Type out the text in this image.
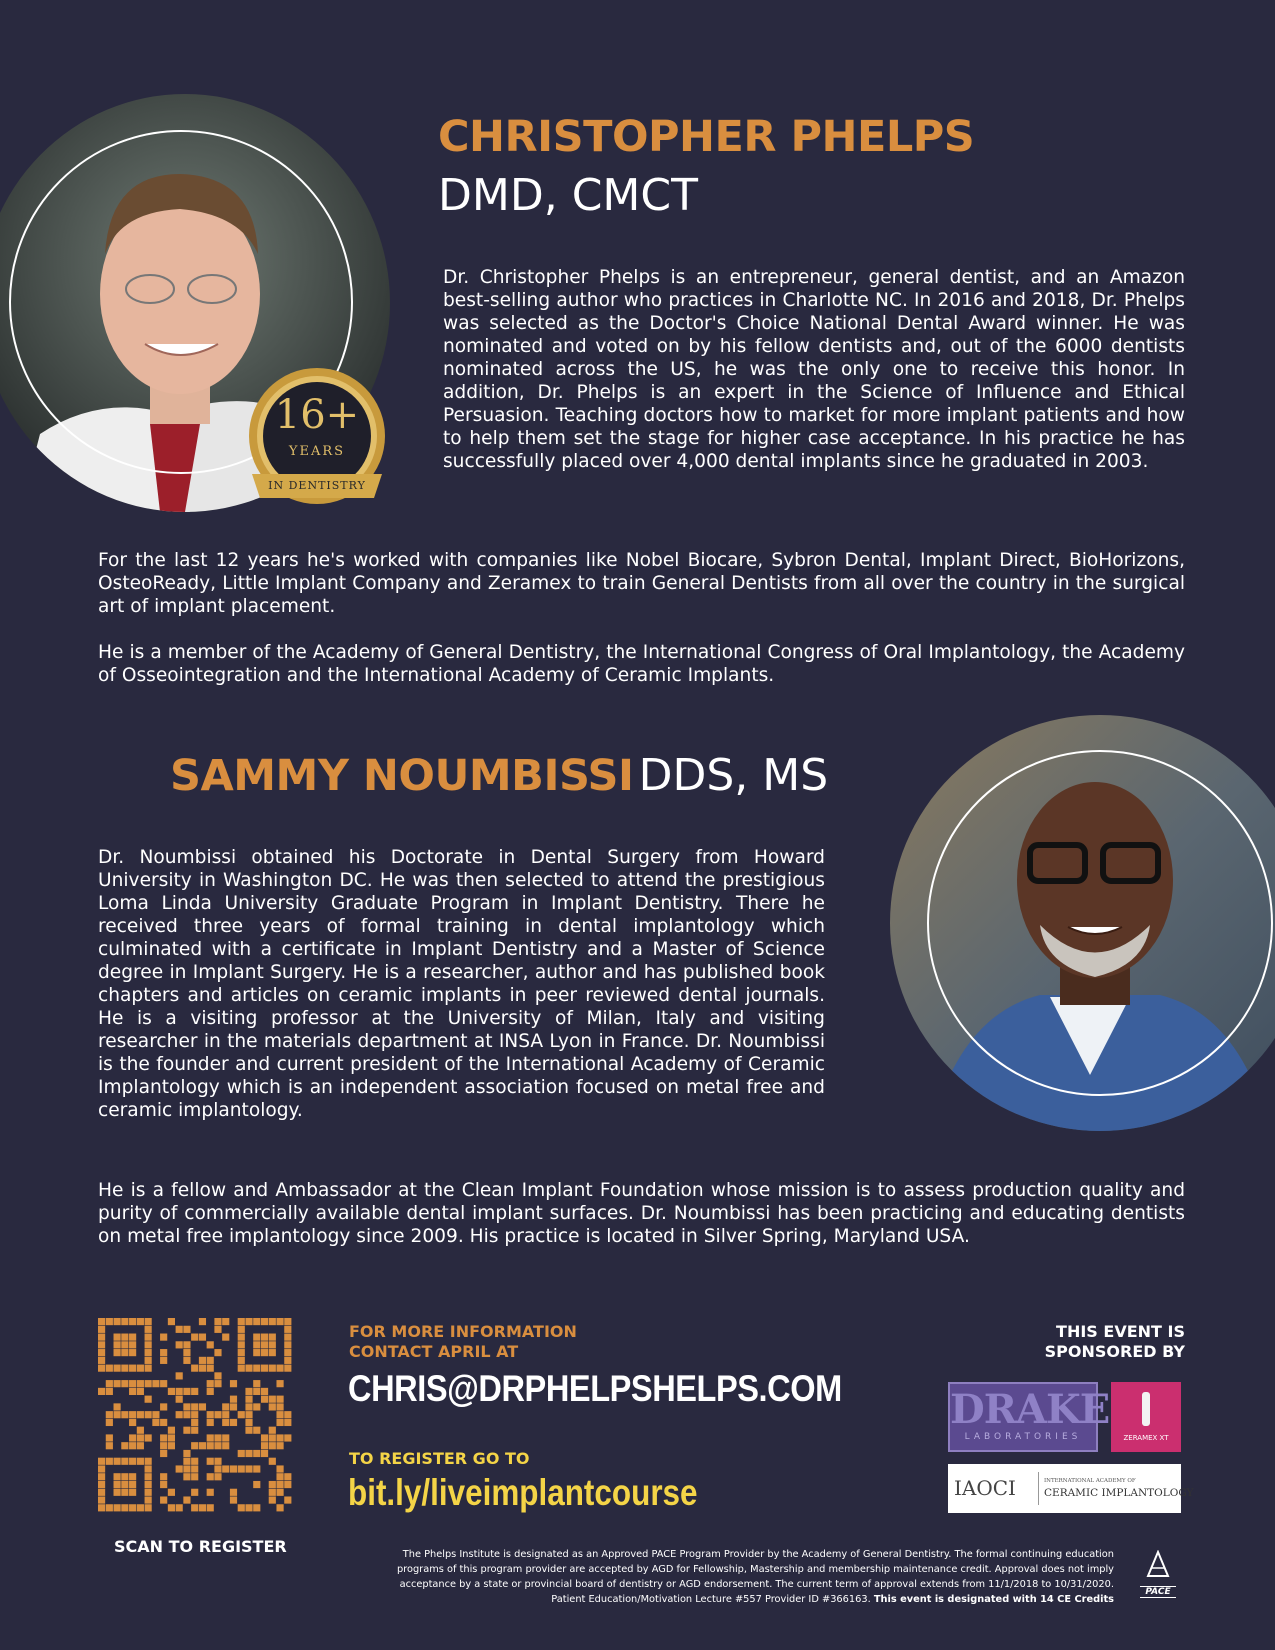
16+
YEARS
IN DENTISTRY
CHRISTOPHER PHELPS
DMD, CMCT
Dr. Christopher Phelps is an entrepreneur, general dentist, and an Amazon best-selling author who practices in Charlotte NC. In 2016 and 2018, Dr. Phelps was selected as the Doctor's Choice National Dental Award winner. He was nominated and voted on by his fellow dentists and, out of the 6000 dentists nominated across the US, he was the only one to receive this honor. In addition, Dr. Phelps is an expert in the Science of Influence and Ethical Persuasion. Teaching doctors how to market for more implant patients and how to help them set the stage for higher case acceptance. In his practice he has successfully placed over 4,000 dental implants since he graduated in 2003.
For the last 12 years he's worked with companies like Nobel Biocare, Sybron Dental, Implant Direct, BioHorizons, OsteoReady, Little Implant Company and Zeramex to train General Dentists from all over the country in the surgical art of implant placement.
He is a member of the Academy of General Dentistry, the International Congress of Oral Implantology, the Academy of Osseointegration and the International Academy of Ceramic Implants.
SAMMY NOUMBISSI DDS, MS
Dr. Noumbissi obtained his Doctorate in Dental Surgery from Howard University in Washington DC. He was then selected to attend the prestigious Loma Linda University Graduate Program in Implant Dentistry. There he received three years of formal training in dental implantology which culminated with a certificate in Implant Dentistry and a Master of Science degree in Implant Surgery. He is a researcher, author and has published book chapters and articles on ceramic implants in peer reviewed dental journals. He is a visiting professor at the University of Milan, Italy and visiting researcher in the materials department at INSA Lyon in France. Dr. Noumbissi is the founder and current president of the International Academy of Ceramic Implantology which is an independent association focused on metal free and ceramic implantology.
He is a fellow and Ambassador at the Clean Implant Foundation whose mission is to assess production quality and purity of commercially available dental implant surfaces. Dr. Noumbissi has been practicing and educating dentists on metal free implantology since 2009. His practice is located in Silver Spring, Maryland USA.
SCAN TO REGISTER
FOR MORE INFORMATION
CONTACT APRIL AT
CHRIS@DRPHELPSHELPS.COM
TO REGISTER GO TO
bit.ly/liveimplantcourse
THIS EVENT IS
SPONSORED BY
DRAKE
LABORATORIES	ZERAMEX XT
IAOCI	INTERNATIONAL ACADEMY OF
CERAMIC IMPLANTOLOGY
The Phelps Institute is designated as an Approved PACE Program Provider by the Academy of General Dentistry. The formal continuing education programs of this program provider are accepted by AGD for Fellowship, Mastership and membership maintenance credit. Approval does not imply acceptance by a state or provincial board of dentistry or AGD endorsement. The current term of approval extends from 11/1/2018 to 10/31/2020. Patient Education/Motivation Lecture #557 Provider ID #366163. This event is designated with 14 CE Credits
PACE
